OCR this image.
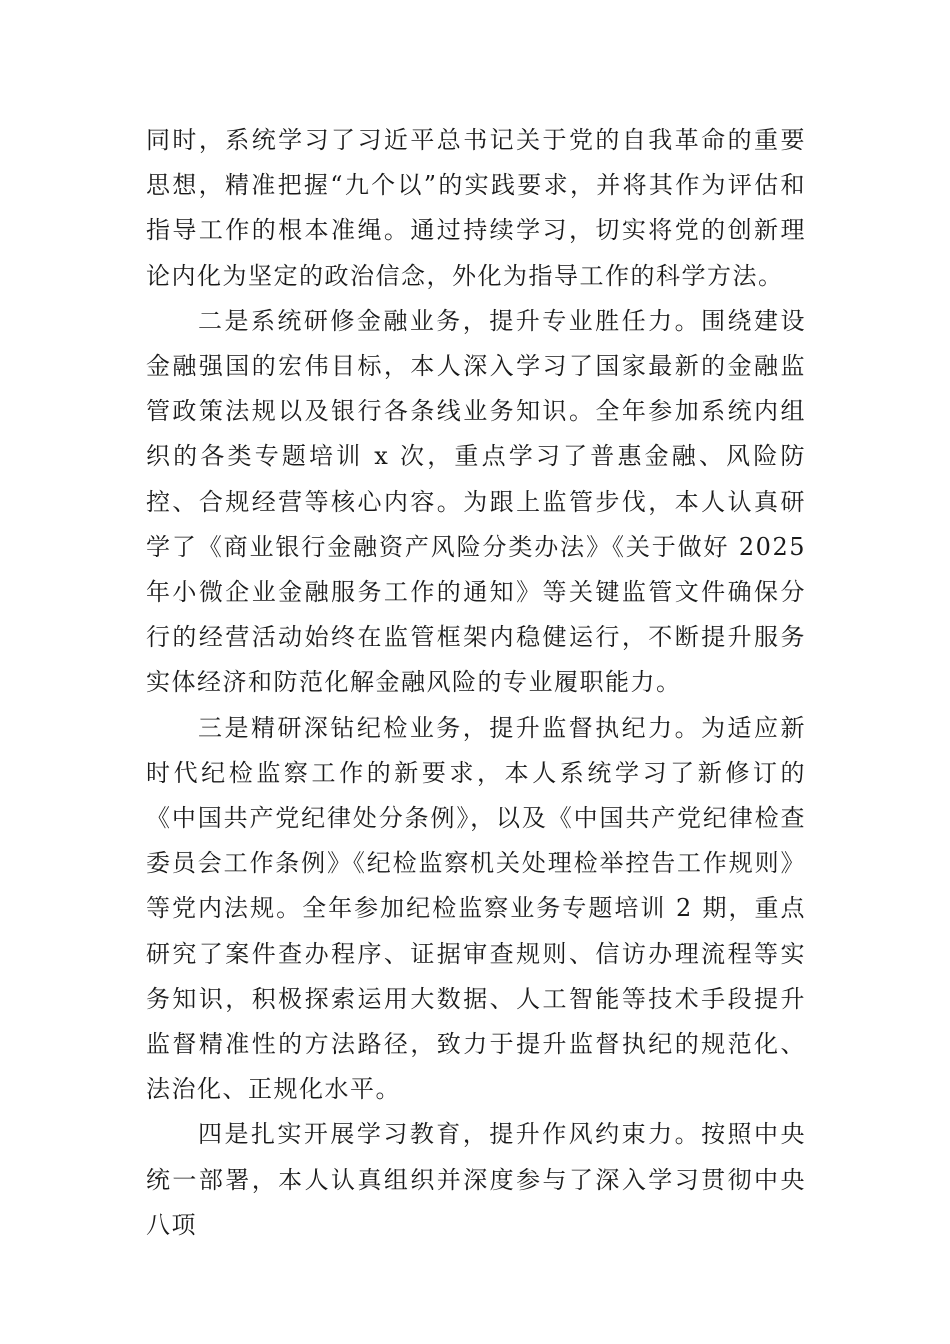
同时，系统学习了习近平总书记关于党的自我革命的重要思想，精准把握“九个以”的实践要求，并将其作为评估和指导工作的根本准绳。通过持续学习，切实将党的创新理论内化为坚定的政治信念，外化为指导工作的科学方法。

二是系统研修金融业务，提升专业胜任力。围绕建设金融强国的宏伟目标，本人深入学习了国家最新的金融监管政策法规以及银行各条线业务知识。全年参加系统内组织的各类专题培训 x 次，重点学习了普惠金融、风险防控、合规经营等核心内容。为跟上监管步伐，本人认真研学了《商业银行金融资产风险分类办法》《关于做好 2025 年小微企业金融服务工作的通知》等关键监管文件确保分行的经营活动始终在监管框架内稳健运行，不断提升服务实体经济和防范化解金融风险的专业履职能力。

三是精研深钻纪检业务，提升监督执纪力。为适应新时代纪检监察工作的新要求，本人系统学习了新修订的《中国共产党纪律处分条例》，以及《中国共产党纪律检查委员会工作条例》《纪检监察机关处理检举控告工作规则》等党内法规。全年参加纪检监察业务专题培训 2 期，重点研究了案件查办程序、证据审查规则、信访办理流程等实务知识，积极探索运用大数据、人工智能等技术手段提升监督精准性的方法路径，致力于提升监督执纪的规范化、法治化、正规化水平。

四是扎实开展学习教育，提升作风约束力。按照中央统一部署，本人认真组织并深度参与了深入学习贯彻中央八项
